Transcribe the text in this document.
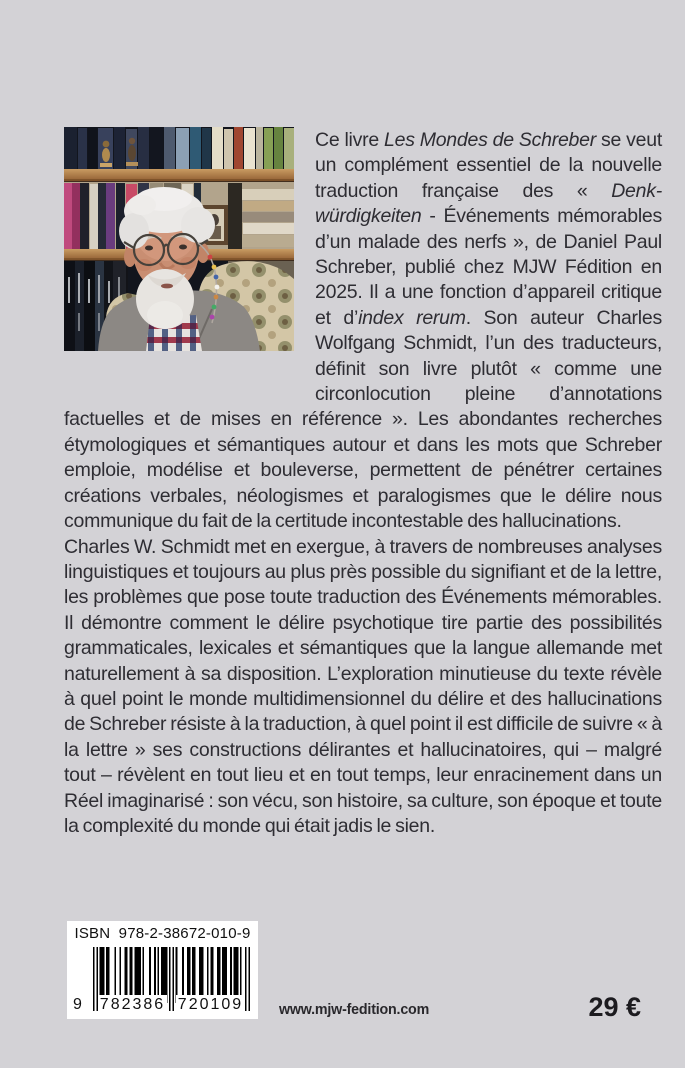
Ce livre Les Mondes de Schreber se veut un complément essentiel de la nouvelle traduction française des « Denk-würdigkeiten - Événements mémorables d’un malade des nerfs », de Daniel Paul Schreber, publié chez MJW Fédition en 2025. Il a une fonction d’appareil critique et d’index rerum. Son auteur Charles Wolfgang Schmidt, l’un des traducteurs, définit son livre plutôt « comme une circonlocution pleine d’annotations factuelles et de mises en référence ». Les abondantes recherches étymologiques et sémantiques autour et dans les mots que Schreber emploie, modélise et bouleverse, permettent de pénétrer certaines créations verbales, néologismes et paralogismes que le délire nous communique du fait de la certitude incontestable des hallucinations.

Charles W. Schmidt met en exergue, à travers de nombreuses analyses linguistiques et toujours au plus près possible du signifiant et de la lettre, les problèmes que pose toute traduction des Événements mémorables. Il démontre comment le délire psychotique tire partie des possibilités grammaticales, lexicales et sémantiques que la langue allemande met naturellement à sa disposition. L’exploration minutieuse du texte révèle à quel point le monde multidimensionnel du délire et des hallucinations de Schreber résiste à la traduction, à quel point il est difficile de suivre « à la lettre » ses constructions délirantes et hallucinatoires, qui – malgré tout – révèlent en tout lieu et en tout temps, leur enracinement dans un Réel imaginarisé : son vécu, son histoire, sa culture, son époque et toute la complexité du monde qui était jadis le sien.

ISBN 978-2-38672-010-9
9 782386 720109 www.mjw-fedition.com	29 €
